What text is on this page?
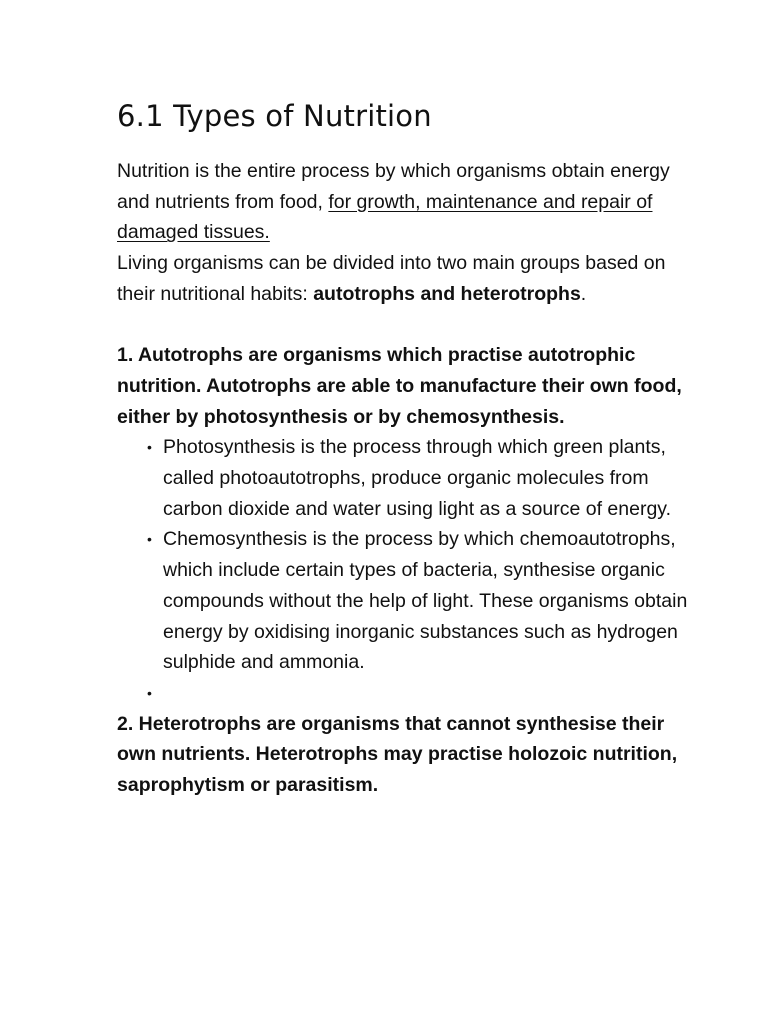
6.1 Types of Nutrition

Nutrition is the entire process by which organisms obtain energy and nutrients from food, for growth, maintenance and repair of damaged tissues.

Living organisms can be divided into two main groups based on their nutritional habits: autotrophs and heterotrophs.

1. Autotrophs are organisms which practise autotrophic nutrition. Autotrophs are able to manufacture their own food, either by photosynthesis or by chemosynthesis.

• Photosynthesis is the process through which green plants, called photoautotrophs, produce organic molecules from carbon dioxide and water using light as a source of energy.
• Chemosynthesis is the process by which chemoautotrophs, which include certain types of bacteria, synthesise organic compounds without the help of light. These organisms obtain energy by oxidising inorganic substances such as hydrogen sulphide and ammonia.
•

2. Heterotrophs are organisms that cannot synthesise their own nutrients. Heterotrophs may practise holozoic nutrition, saprophytism or parasitism.
